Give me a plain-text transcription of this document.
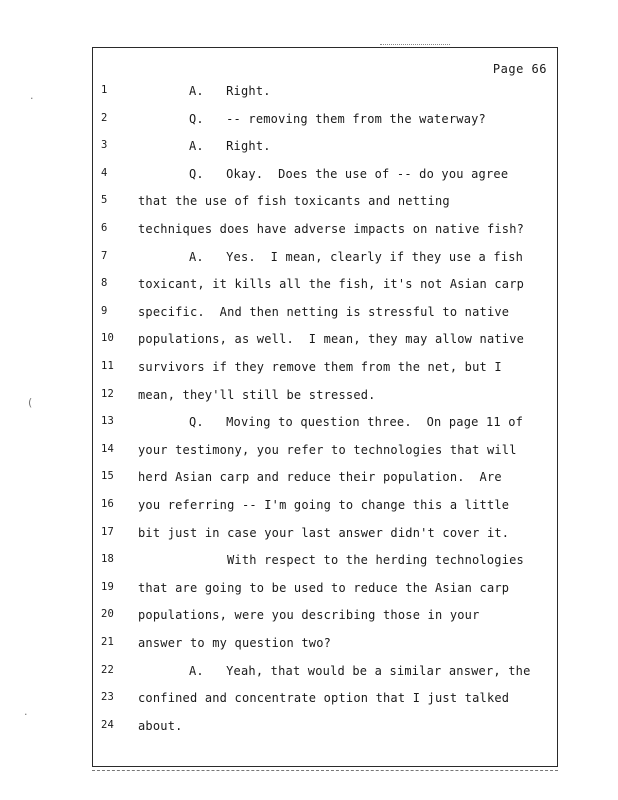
Page 66
1	A.   Right.
2	Q.   -- removing them from the waterway?
3	A.   Right.
4	Q.   Okay.  Does the use of -- do you agree
5	that the use of fish toxicants and netting
6	techniques does have adverse impacts on native fish?
7	A.   Yes.  I mean, clearly if they use a fish
8	toxicant, it kills all the fish, it's not Asian carp
9	specific.  And then netting is stressful to native
10	populations, as well.  I mean, they may allow native
11	survivors if they remove them from the net, but I
12	mean, they'll still be stressed.
13	Q.   Moving to question three.  On page 11 of
14	your testimony, you refer to technologies that will
15	herd Asian carp and reduce their population.  Are
16	you referring -- I'm going to change this a little
17	bit just in case your last answer didn't cover it.
18	With respect to the herding technologies
19	that are going to be used to reduce the Asian carp
20	populations, were you describing those in your
21	answer to my question two?
22	A.   Yeah, that would be a similar answer, the
23	confined and concentrate option that I just talked
24	about.
·
(
·
